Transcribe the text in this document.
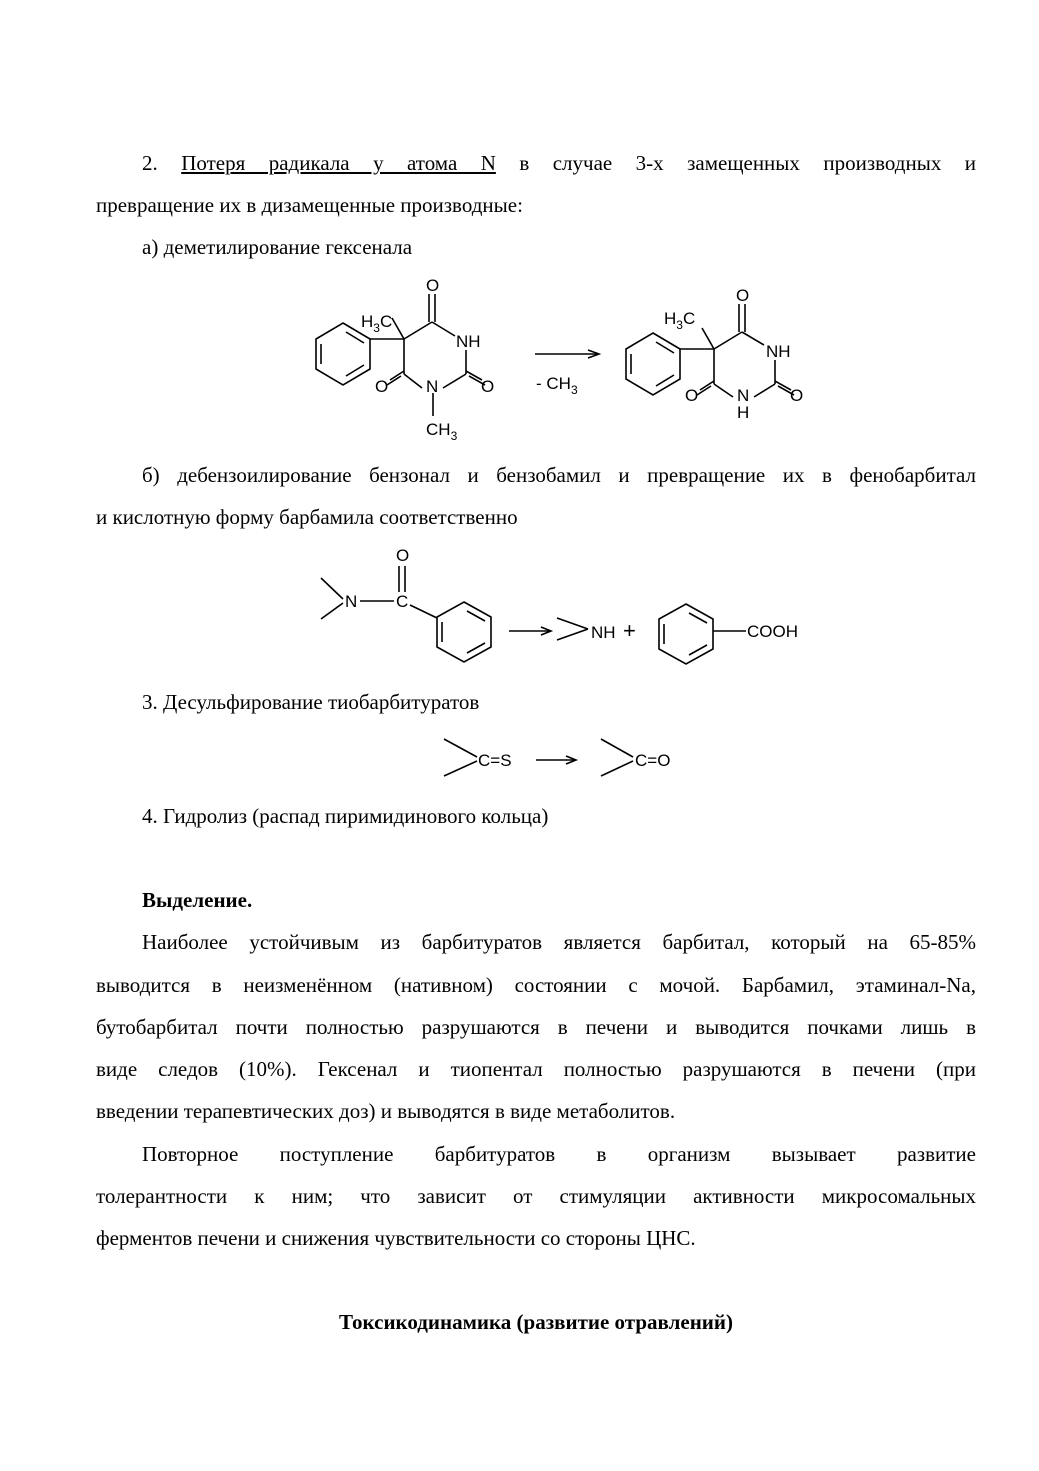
2. Потеря радикала у атома N в случае 3-х замещенных производных и

превращение их в дизамещенные производные:

а) деметилирование гексенала

б) дебензоилирование бензонал и бензобамил и превращение их в фенобарбитал

и кислотную форму барбамила соответственно

3. Десульфирование тиобарбитуратов

4. Гидролиз (распад пиримидинового кольца)

Выделение.

Наиболее устойчивым из барбитуратов является барбитал, который на 65-85%

выводится в неизменённом (нативном) состоянии с мочой. Барбамил, этаминал-Na,

бутобарбитал почти полностью разрушаются в печени и выводится почками лишь в

виде следов (10%). Гексенал и тиопентал полностью разрушаются в печени (при

введении терапевтических доз) и выводятся в виде метаболитов.

Повторное поступление барбитуратов в организм вызывает развитие

толерантности к ним; что зависит от стимуляции активности микросомальных

ферментов печени и снижения чувствительности со стороны ЦНС.

Токсикодинамика (развитие отравлений)

O
$H_3C$
NH
O N	O
$CH_3$
- $CH_3$
O
$H_3C$
NH
O N O
H
O
N C
NH +	COOH
C=S	C=O
